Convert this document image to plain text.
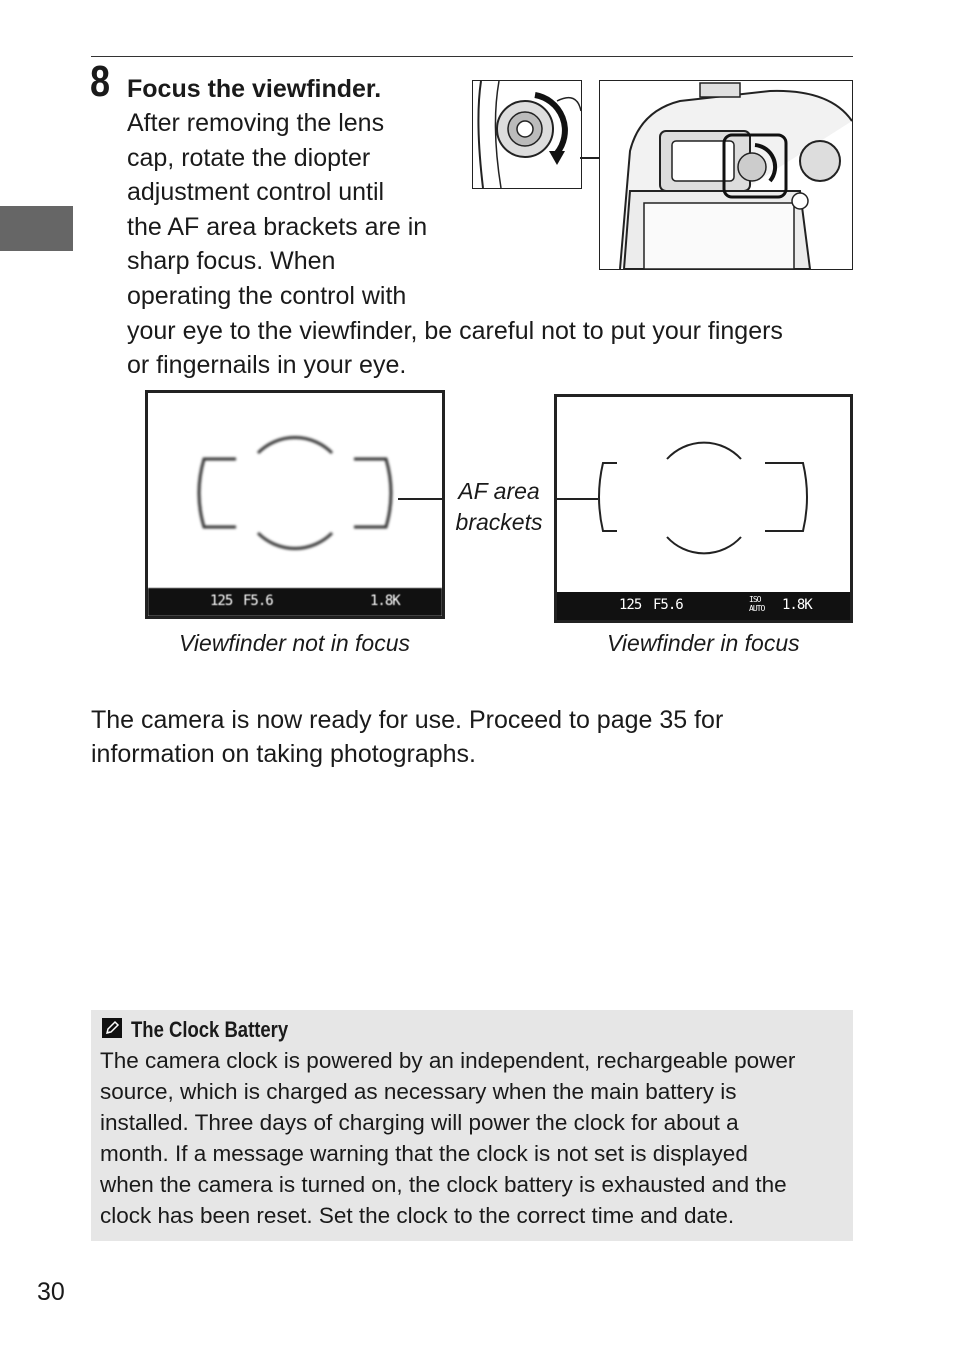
8 Focus the viewfinder.
After removing the lens
cap, rotate the diopter
adjustment control until
the AF area brackets are in
sharp focus. When
operating the control with
your eye to the viewfinder, be careful not to put your fingers
or fingernails in your eye.
125 F5.6	1.8K
AF area
brackets
125 F5.6	ISO AUTO	1.8K
Viewfinder not in focus	Viewfinder in focus
The camera is now ready for use. Proceed to page 35 for
information on taking photographs.
The Clock Battery
The camera clock is powered by an independent, rechargeable power
source, which is charged as necessary when the main battery is
installed. Three days of charging will power the clock for about a
month. If a message warning that the clock is not set is displayed
when the camera is turned on, the clock battery is exhausted and the
clock has been reset. Set the clock to the correct time and date.
30
